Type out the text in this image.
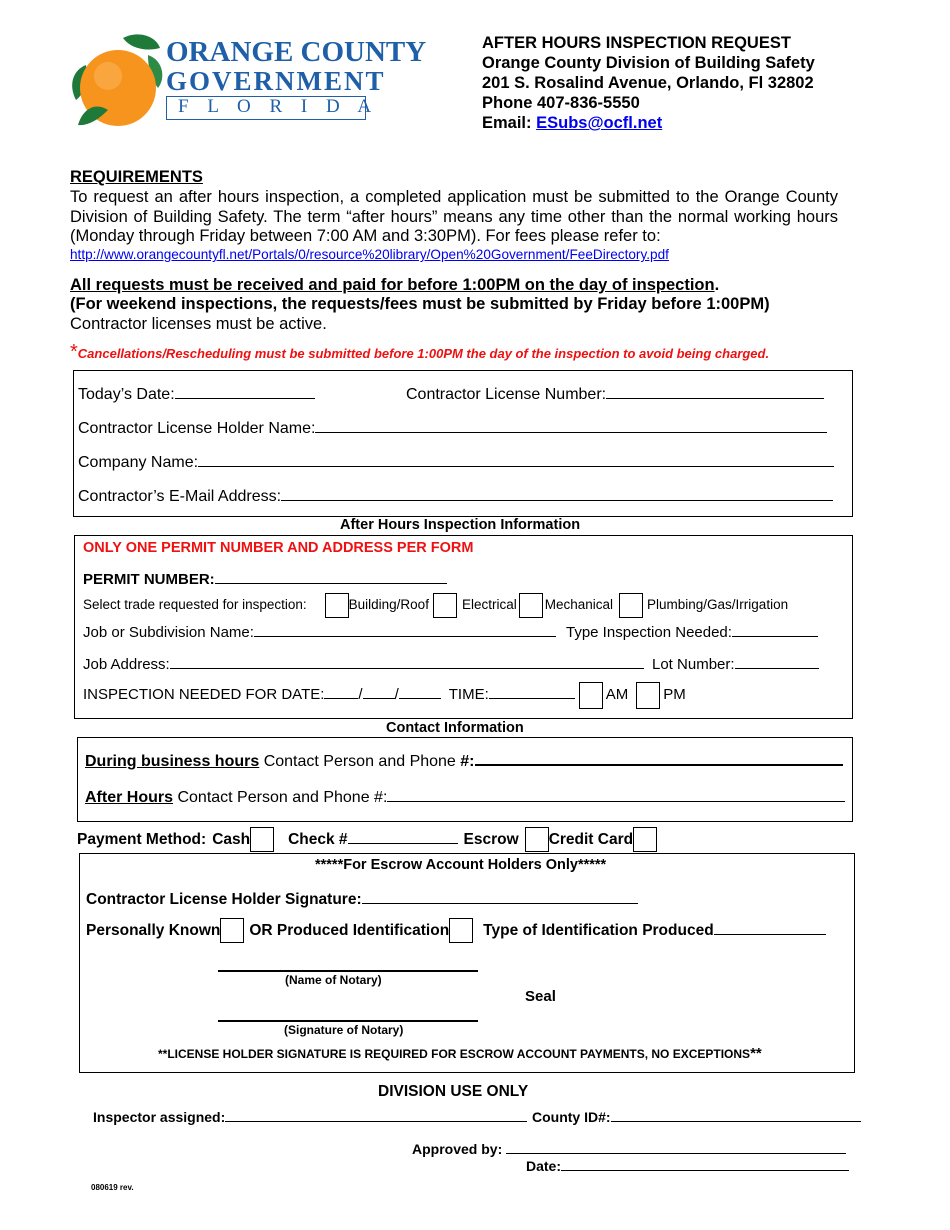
ORANGE COUNTY
GOVERNMENT
F L O R I D A
AFTER HOURS INSPECTION REQUEST
Orange County Division of Building Safety
201 S. Rosalind Avenue, Orlando, Fl 32802
Phone 407-836-5550
Email: ESubs@ocfl.net
REQUIREMENTS
To request an after hours inspection, a completed application must be submitted to the Orange County Division of Building Safety. The term “after hours” means any time other than the normal working hours (Monday through Friday between 7:00 AM and 3:30PM). For fees please refer to:
http://www.orangecountyfl.net/Portals/0/resource%20library/Open%20Government/FeeDirectory.pdf
All requests must be received and paid for before 1:00PM on the day of inspection.
(For weekend inspections, the requests/fees must be submitted by Friday before 1:00PM)
Contractor licenses must be active.
*Cancellations/Rescheduling must be submitted before 1:00PM the day of the inspection to avoid being charged.
Today’s Date:	Contractor License Number:
Contractor License Holder Name:
Company Name:
Contractor’s E-Mail Address:
After Hours Inspection Information
ONLY ONE PERMIT NUMBER AND ADDRESS PER FORM
PERMIT NUMBER:
Select trade requested for inspection:	Building/Roof Electrical Mechanical	Plumbing/Gas/Irrigation
Job or Subdivision Name:	Type Inspection Needed:
Job Address:	Lot Number:
INSPECTION NEEDED FOR DATE: / /	TIME:	AM PM
Contact Information
During business hours Contact Person and Phone #:
After Hours Contact Person and Phone #:
Payment Method: Cash Check #	Escrow Credit Card
*****For Escrow Account Holders Only*****
Contractor License Holder Signature:
Personally Known OR Produced Identification Type of Identification Produced
(Name of Notary)
Seal
(Signature of Notary)
**LICENSE HOLDER SIGNATURE IS REQUIRED FOR ESCROW ACCOUNT PAYMENTS, NO EXCEPTIONS**
DIVISION USE ONLY
Inspector assigned:	County ID#:
Approved by:
Date:
080619 rev.
